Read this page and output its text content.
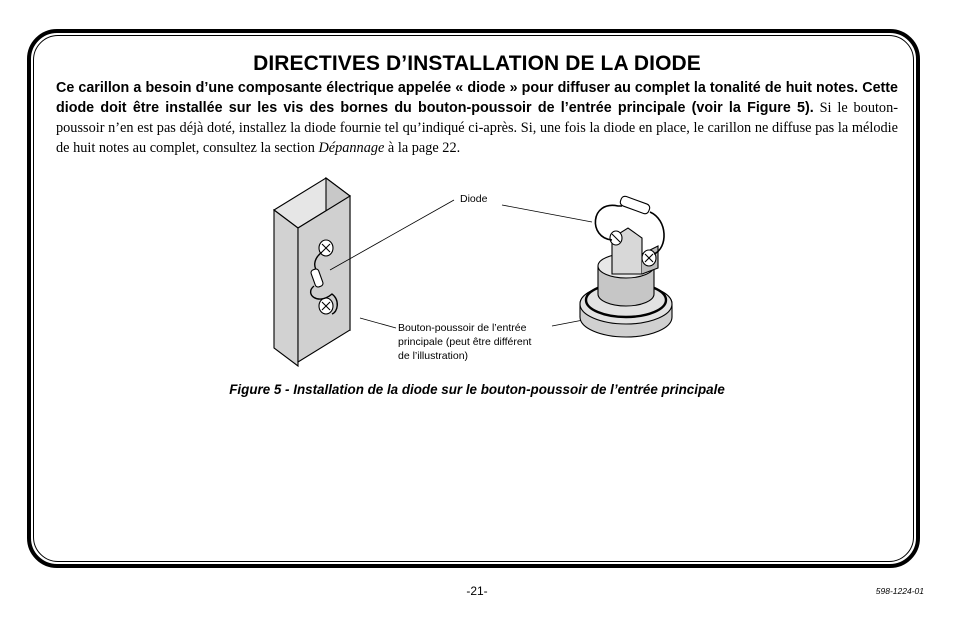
DIRECTIVES D’INSTALLATION DE LA DIODE

Ce carillon a besoin d’une composante électrique appelée « diode » pour diffuser au complet la tonalité de huit notes. Cette diode doit être installée sur les vis des bornes du bouton-poussoir de l’entrée principale (voir la Figure 5). Si le bouton-poussoir n’en est pas déjà doté, installez la diode fournie tel qu’indiqué ci-après. Si, une fois la diode en place, le carillon ne diffuse pas la mélodie de huit notes au complet, consultez la section Dépannage à la page 22.

Diode

Bouton-poussoir de l’entrée

principale (peut être différent

de l’illustration)

Figure 5 - Installation de la diode sur le bouton-poussoir de l’entrée principale

-21-	598-1224-01
